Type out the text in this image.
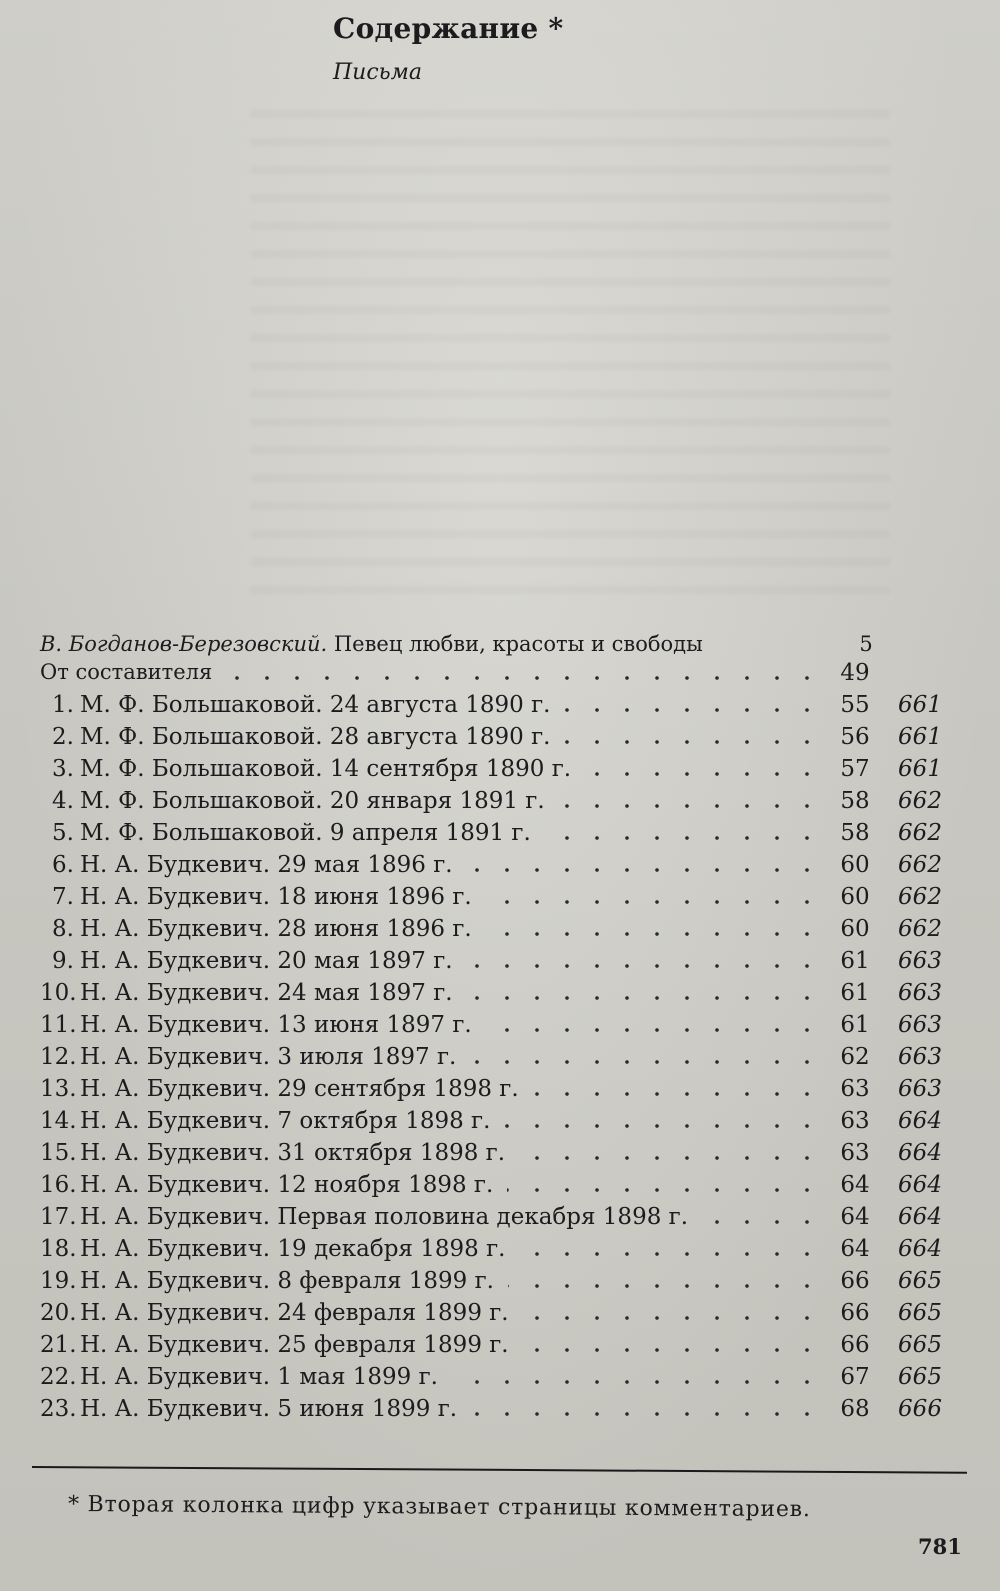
Содержание *
Письма
В. Богданов-Березовский. Певец любви, красоты и свободы	5
От составителя	49
1. М. Ф. Большаковой. 24 августа 1890 г.	55	661
2. М. Ф. Большаковой. 28 августа 1890 г.	56	661
3. М. Ф. Большаковой. 14 сентября 1890 г.	57	661
4. М. Ф. Большаковой. 20 января 1891 г.	58	662
5. М. Ф. Большаковой. 9 апреля 1891 г.	58	662
6. Н. А. Будкевич. 29 мая 1896 г.	60	662
7. Н. А. Будкевич. 18 июня 1896 г.	60	662
8. Н. А. Будкевич. 28 июня 1896 г.	60	662
9. Н. А. Будкевич. 20 мая 1897 г.	61	663
10. Н. А. Будкевич. 24 мая 1897 г.	61	663
11. Н. А. Будкевич. 13 июня 1897 г.	61	663
12. Н. А. Будкевич. 3 июля 1897 г.	62	663
13. Н. А. Будкевич. 29 сентября 1898 г.	63	663
14. Н. А. Будкевич. 7 октября 1898 г.	63	664
15. Н. А. Будкевич. 31 октября 1898 г.	63	664
16. Н. А. Будкевич. 12 ноября 1898 г.	64	664
17. Н. А. Будкевич. Первая половина декабря 1898 г.	64	664
18. Н. А. Будкевич. 19 декабря 1898 г.	64	664
19. Н. А. Будкевич. 8 февраля 1899 г.	66	665
20. Н. А. Будкевич. 24 февраля 1899 г.	66	665
21. Н. А. Будкевич. 25 февраля 1899 г.	66	665
22. Н. А. Будкевич. 1 мая 1899 г.	67	665
23. Н. А. Будкевич. 5 июня 1899 г.	68	666
* Вторая колонка цифр указывает страницы комментариев.
781
